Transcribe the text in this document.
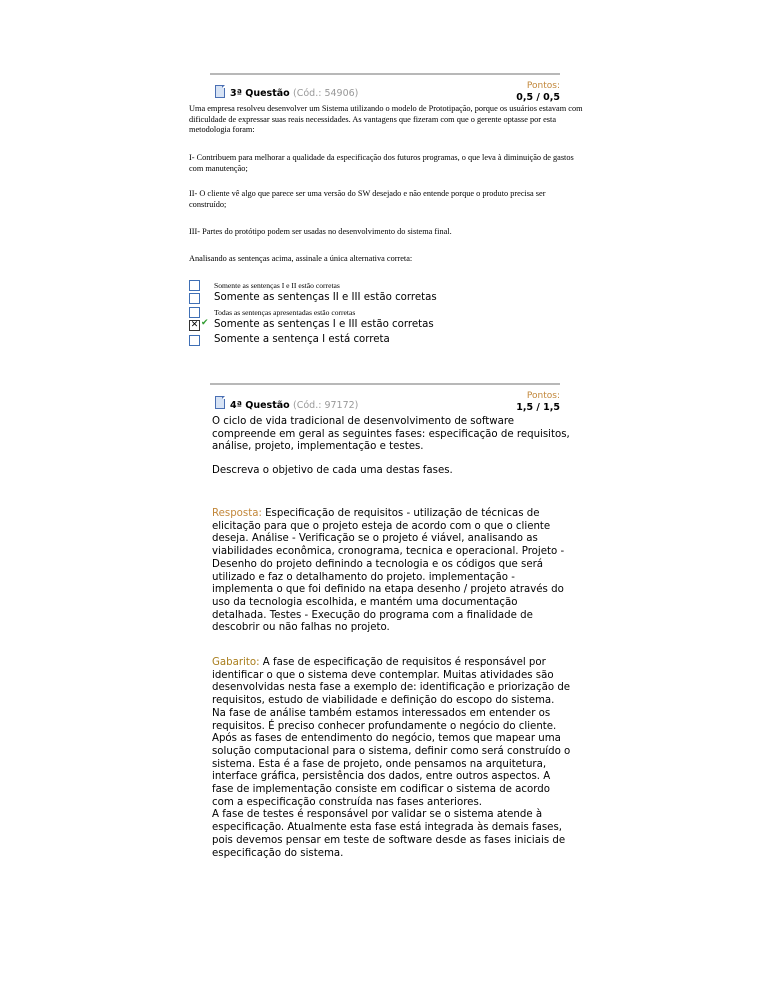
Pontos:
3ª Questão (Cód.: 54906)	0,5 / 0,5
Uma empresa resolveu desenvolver um Sistema utilizando o modelo de Prototipação, porque os usuários estavam com dificuldade de expressar suas reais necessidades. As vantagens que fizeram com que o gerente optasse por esta metodologia foram:
I- Contribuem para melhorar a qualidade da especificação dos futuros programas, o que leva à diminuição de gastos com manutenção;
II- O cliente vê algo que parece ser uma versão do SW desejado e não entende porque o produto precisa ser construído;
III- Partes do protótipo podem ser usadas no desenvolvimento do sistema final.
Analisando as sentenças acima, assinale a única alternativa correta:
Somente as sentenças I e II estão corretas
Somente as sentenças II e III estão corretas
Todas as sentenças apresentadas estão corretas
✕ ✔ Somente as sentenças I e III estão corretas
Somente a sentença I está correta
Pontos:
4ª Questão (Cód.: 97172)	1,5 / 1,5
O ciclo de vida tradicional de desenvolvimento de software compreende em geral as seguintes fases: especificação de requisitos, análise, projeto, implementação e testes.
Descreva o objetivo de cada uma destas fases.
Resposta: Especificação de requisitos - utilização de técnicas de elicitação para que o projeto esteja de acordo com o que o cliente deseja. Análise - Verificação se o projeto é viável, analisando as viabilidades econômica, cronograma, tecnica e operacional. Projeto - Desenho do projeto definindo a tecnologia e os códigos que será utilizado e faz o detalhamento do projeto. implementação - implementa o que foi definido na etapa desenho / projeto através do uso da tecnologia escolhida, e mantém uma documentação detalhada. Testes - Execução do programa com a finalidade de descobrir ou não falhas no projeto.
Gabarito: A fase de especificação de requisitos é responsável por identificar o que o sistema deve contemplar. Muitas atividades são desenvolvidas nesta fase a exemplo de: identificação e priorização de requisitos, estudo de viabilidade e definição do escopo do sistema.
Na fase de análise também estamos interessados em entender os requisitos. É preciso conhecer profundamente o negócio do cliente. Após as fases de entendimento do negócio, temos que mapear uma solução computacional para o sistema, definir como será construído o sistema. Esta é a fase de projeto, onde pensamos na arquitetura, interface gráfica, persistência dos dados, entre outros aspectos. A fase de implementação consiste em codificar o sistema de acordo com a especificação construída nas fases anteriores.
A fase de testes é responsável por validar se o sistema atende à especificação. Atualmente esta fase está integrada às demais fases, pois devemos pensar em teste de software desde as fases iniciais de especificação do sistema.
